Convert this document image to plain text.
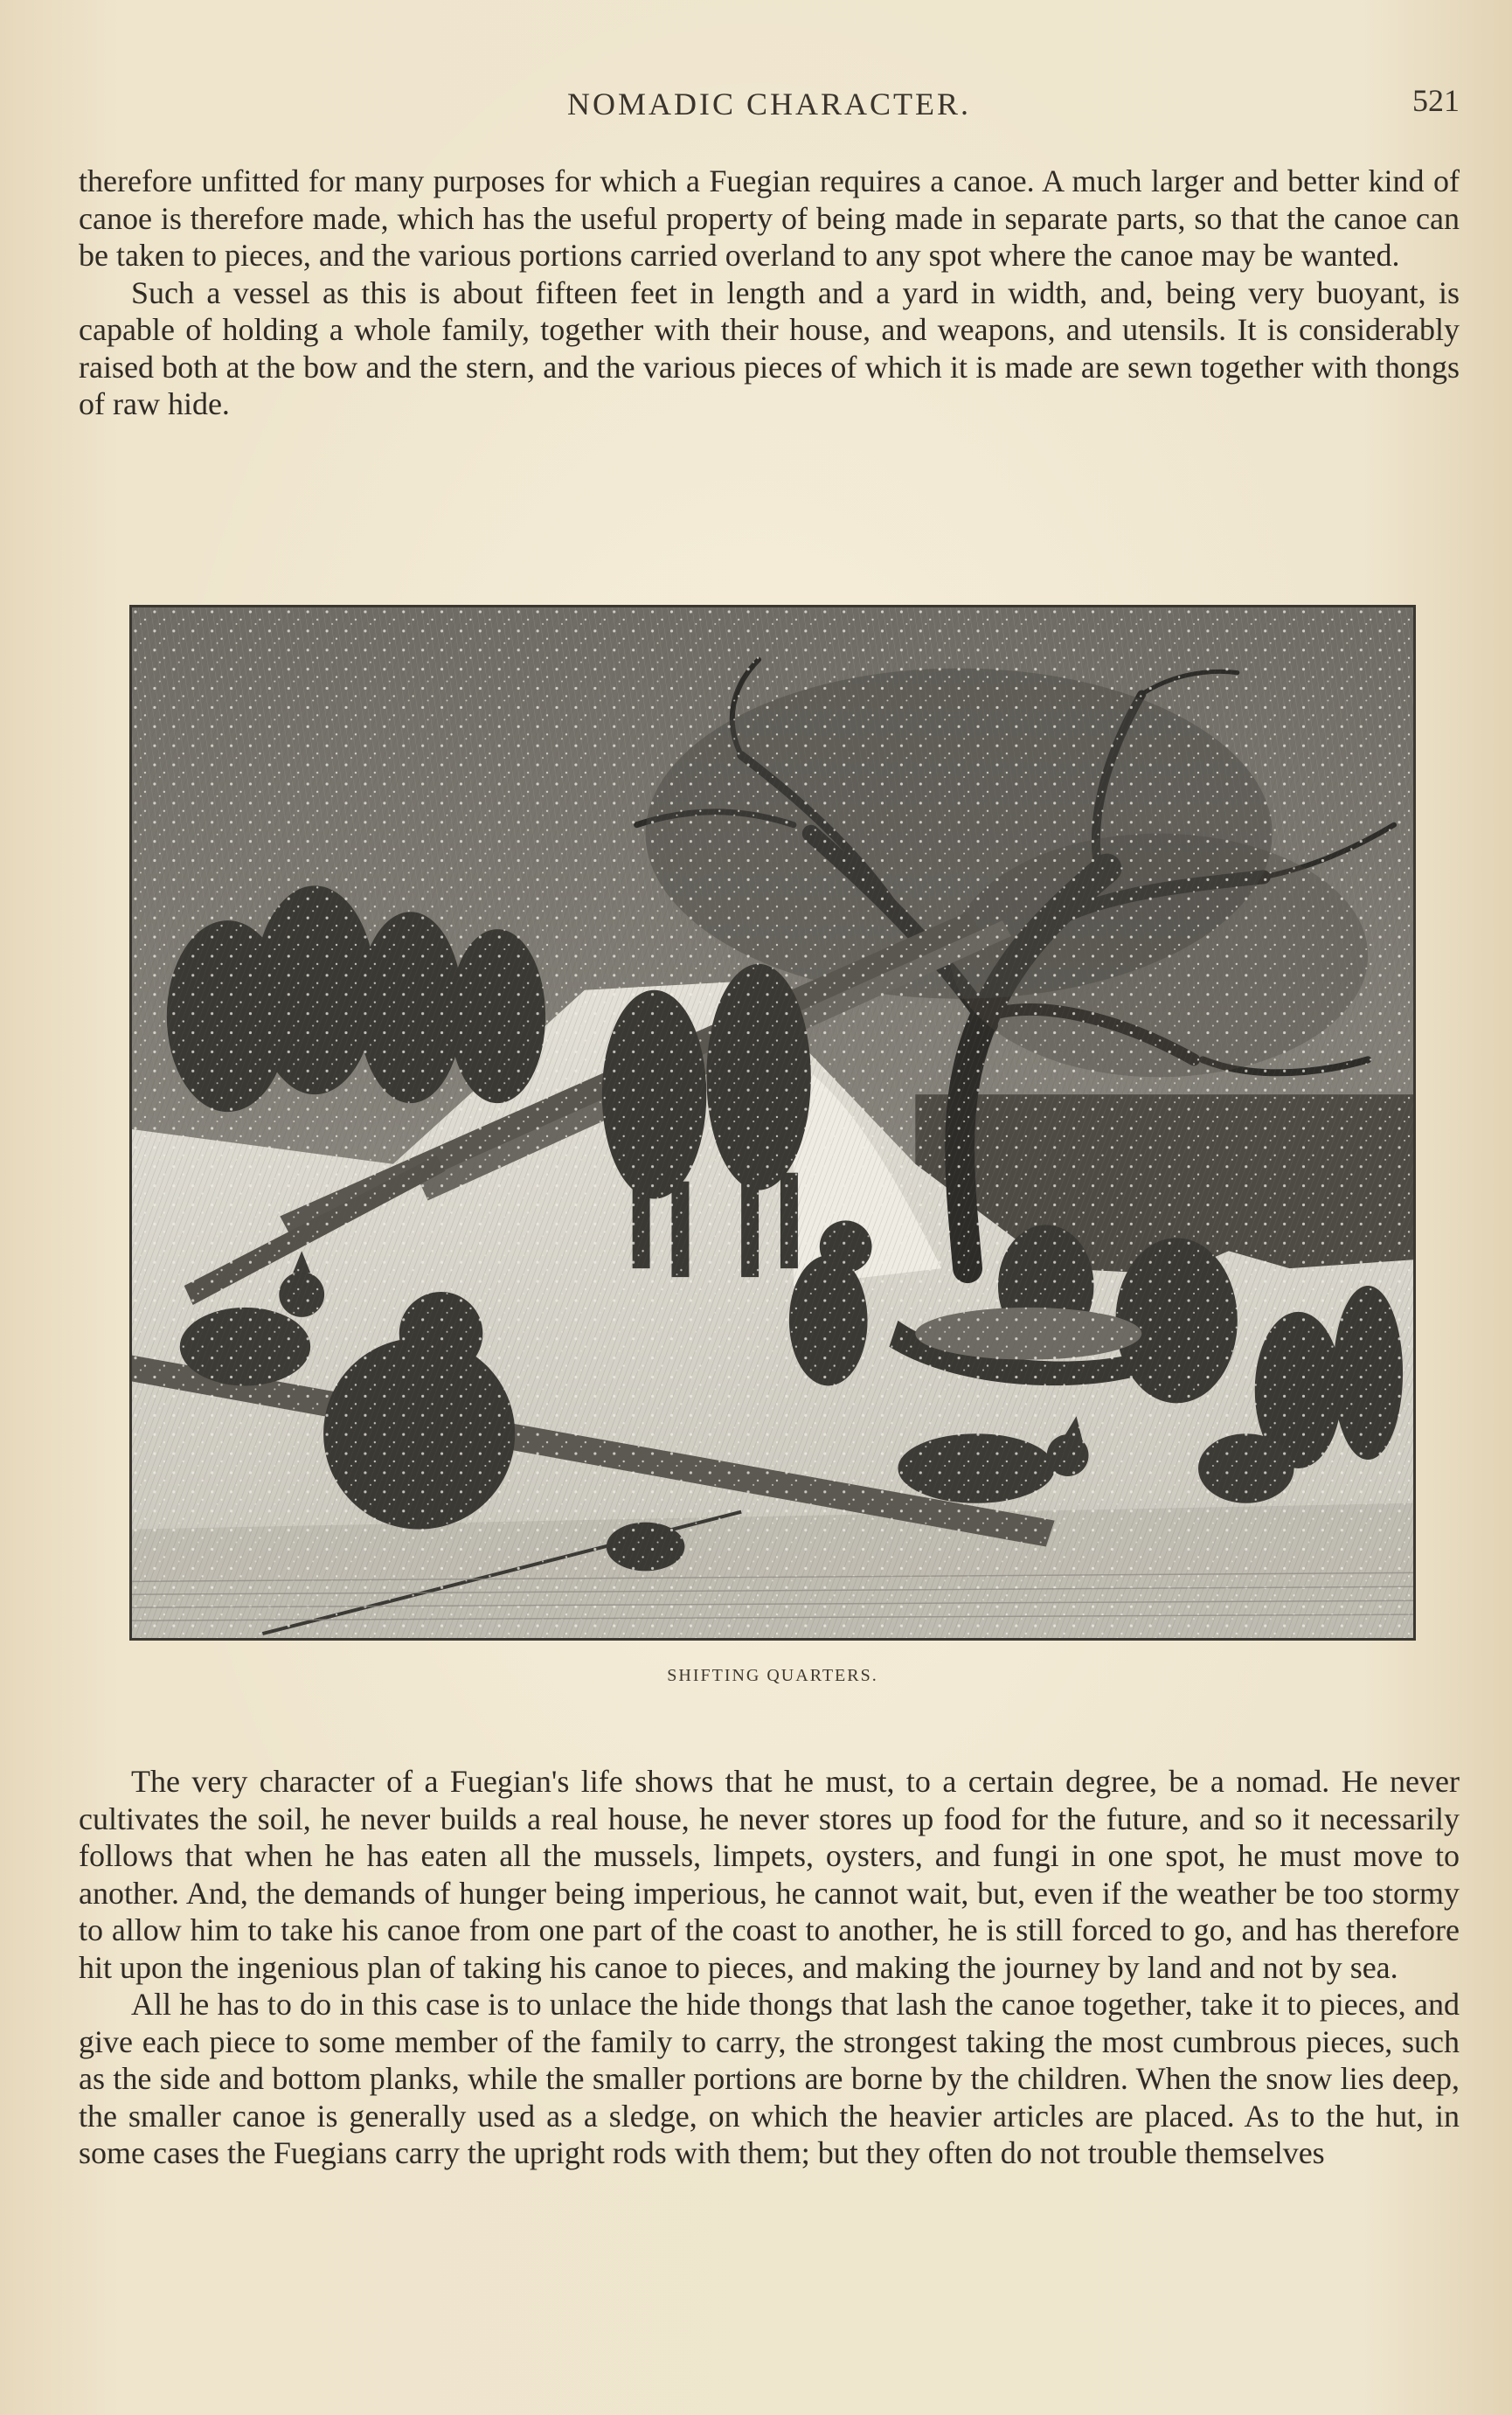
NOMADIC CHARACTER.	521

therefore unfitted for many purposes for which a Fuegian requires a canoe. A much larger and better kind of canoe is therefore made, which has the useful property of being made in separate parts, so that the canoe can be taken to pieces, and the various portions carried overland to any spot where the canoe may be wanted.

Such a vessel as this is about fifteen feet in length and a yard in width, and, being very buoyant, is capable of holding a whole family, together with their house, and weapons, and utensils. It is considerably raised both at the bow and the stern, and the various pieces of which it is made are sewn together with thongs of raw hide.

SHIFTING QUARTERS.

The very character of a Fuegian's life shows that he must, to a certain degree, be a nomad. He never cultivates the soil, he never builds a real house, he never stores up food for the future, and so it necessarily follows that when he has eaten all the mussels, limpets, oysters, and fungi in one spot, he must move to another. And, the demands of hunger being imperious, he cannot wait, but, even if the weather be too stormy to allow him to take his canoe from one part of the coast to another, he is still forced to go, and has therefore hit upon the ingenious plan of taking his canoe to pieces, and making the journey by land and not by sea.

All he has to do in this case is to unlace the hide thongs that lash the canoe together, take it to pieces, and give each piece to some member of the family to carry, the strongest taking the most cumbrous pieces, such as the side and bottom planks, while the smaller portions are borne by the children. When the snow lies deep, the smaller canoe is generally used as a sledge, on which the heavier articles are placed. As to the hut, in some cases the Fuegians carry the upright rods with them; but they often do not trouble themselves
